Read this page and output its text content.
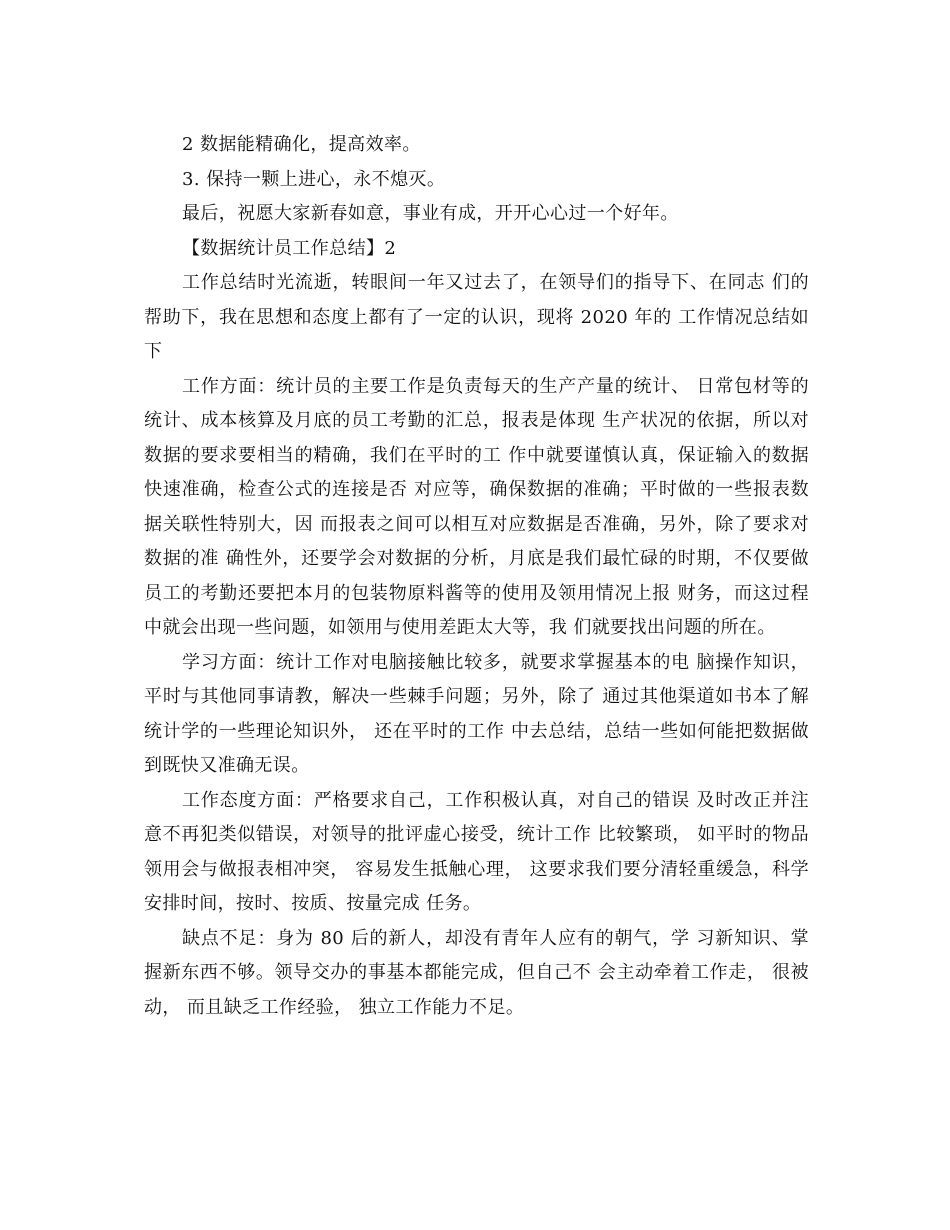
2 数据能精确化，提高效率。

3. 保持一颗上进心，永不熄灭。

最后，祝愿大家新春如意，事业有成，开开心心过一个好年。

【数据统计员工作总结】2

工作总结时光流逝，转眼间一年又过去了，在领导们的指导下、在同志 们的帮助下，我在思想和态度上都有了一定的认识，现将 2020 年的 工作情况总结如下

工作方面：统计员的主要工作是负责每天的生产产量的统计、 日常包材等的统计、成本核算及月底的员工考勤的汇总，报表是体现 生产状况的依据，所以对数据的要求要相当的精确，我们在平时的工 作中就要谨慎认真，保证输入的数据快速准确，检查公式的连接是否 对应等，确保数据的准确；平时做的一些报表数据关联性特别大，因 而报表之间可以相互对应数据是否准确，另外，除了要求对数据的准 确性外，还要学会对数据的分析，月底是我们最忙碌的时期，不仅要做员工的考勤还要把本月的包装物原料酱等的使用及领用情况上报 财务，而这过程中就会出现一些问题，如领用与使用差距太大等，我 们就要找出问题的所在。

学习方面：统计工作对电脑接触比较多，就要求掌握基本的电 脑操作知识，平时与其他同事请教，解决一些棘手问题；另外，除了 通过其他渠道如书本了解统计学的一些理论知识外， 还在平时的工作 中去总结，总结一些如何能把数据做到既快又准确无误。

工作态度方面：严格要求自己，工作积极认真，对自己的错误 及时改正并注意不再犯类似错误，对领导的批评虚心接受，统计工作 比较繁琐， 如平时的物品领用会与做报表相冲突， 容易发生抵触心理， 这要求我们要分清轻重缓急，科学安排时间，按时、按质、按量完成 任务。

缺点不足：身为 80 后的新人，却没有青年人应有的朝气，学 习新知识、掌握新东西不够。领导交办的事基本都能完成，但自己不 会主动牵着工作走， 很被动， 而且缺乏工作经验， 独立工作能力不足。
